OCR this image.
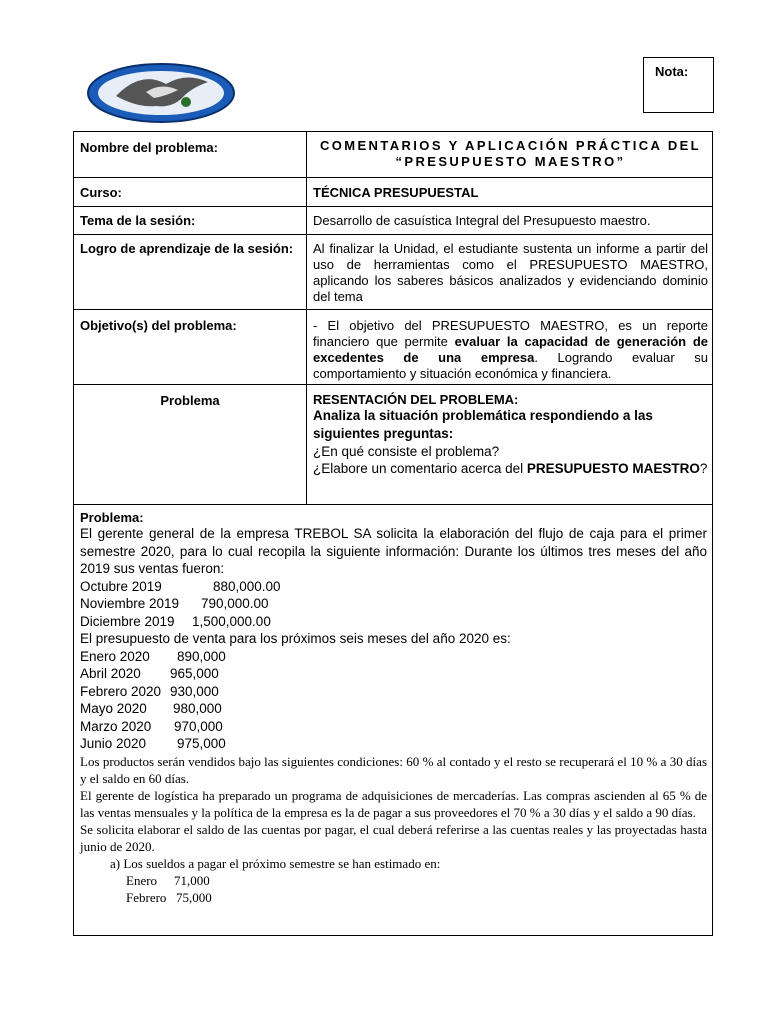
Nota:
Nombre del problema:	COMENTARIOS Y APLICACIÓN PRÁCTICA DEL “PRESUPUESTO MAESTRO”
Curso:	TÉCNICA PRESUPUESTAL
Tema de la sesión:	Desarrollo de casuística Integral del Presupuesto maestro.
Logro de aprendizaje de la sesión: Al finalizar la Unidad, el estudiante sustenta un informe a partir del uso de herramientas como el PRESUPUESTO MAESTRO, aplicando los saberes básicos analizados y evidenciando dominio del tema
Objetivo(s) del problema:	- El objetivo del PRESUPUESTO MAESTRO, es un reporte financiero que permite evaluar la capacidad de generación de excedentes de una empresa. Logrando evaluar su comportamiento y situación económica y financiera.
Problema	RESENTACIÓN DEL PROBLEMA:
Analiza la situación problemática respondiendo a las siguientes preguntas:
¿En qué consiste el problema?
¿Elabore un comentario acerca del PRESUPUESTO MAESTRO?
Problema:
El gerente general de la empresa TREBOL SA solicita la elaboración del flujo de caja para el primer semestre 2020, para lo cual recopila la siguiente información: Durante los últimos tres meses del año 2019 sus ventas fueron:
Octubre 2019	880,000.00
Noviembre 2019	790,000.00
Diciembre 2019	1,500,000.00
El presupuesto de venta para los próximos seis meses del año 2020 es:
Enero 2020	890,000
Abril 2020	965,000
Febrero 2020 930,000
Mayo 2020	980,000
Marzo 2020	970,000
Junio 2020	975,000
Los productos serán vendidos bajo las siguientes condiciones: 60 % al contado y el resto se recuperará el 10 % a 30 días y el saldo en 60 días.
El gerente de logística ha preparado un programa de adquisiciones de mercaderías. Las compras ascienden al 65 % de las ventas mensuales y la política de la empresa es la de pagar a sus proveedores el 70 % a 30 días y el saldo a 90 días.
Se solicita elaborar el saldo de las cuentas por pagar, el cual deberá referirse a las cuentas reales y las proyectadas hasta junio de 2020.
a) Los sueldos a pagar el próximo semestre se han estimado en:
Enero	71,000
Febrero 75,000
